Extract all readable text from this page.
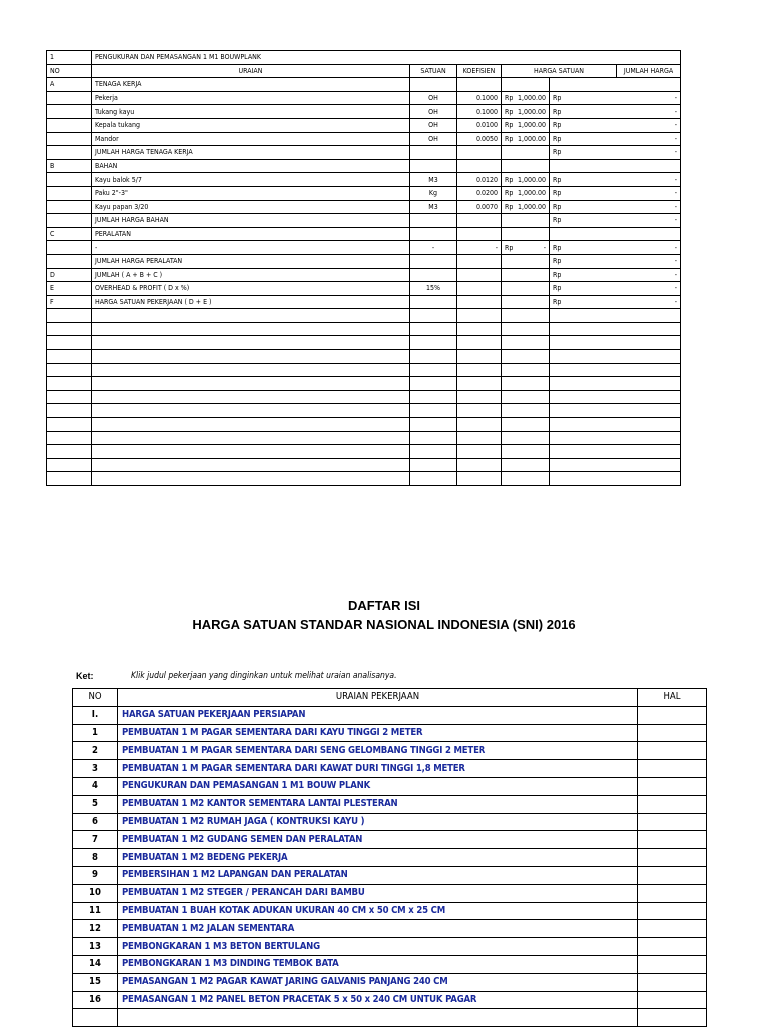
1	PENGUKURAN DAN PEMASANGAN 1 M1 BOUWPLANK					
NO	URAIAN	SATUAN	KOEFISIEN	HARGA SATUAN		JUMLAH HARGA
A	TENAGA KERJA					
	Pekerja	OH	0.1000	Rp 1,000.00	Rp -	

	Tukang kayu	OH	0.1000	Rp 1,000.00	Rp -	

	Kepala tukang	OH	0.0100	Rp 1,000.00	Rp -	

	Mandor	OH	0.0050	Rp 1,000.00	Rp -	

	JUMLAH HARGA TENAGA KERJA				Rp -	

B	BAHAN					
	Kayu balok 5/7	M3	0.0120	Rp 1,000.00	Rp -	

	Paku 2"-3"	Kg	0.0200	Rp 1,000.00	Rp -	

	Kayu papan 3/20	M3	0.0070	Rp 1,000.00	Rp -	

	JUMLAH HARGA BAHAN				Rp -	

C	PERALATAN					
	-	-	-	Rp -	Rp -	

	JUMLAH HARGA PERALATAN				Rp -	

D	JUMLAH ( A + B + C )				Rp -	

E	OVERHEAD & PROFIT ( D x %)	15%			Rp -	

F	HARGA SATUAN PEKERJAAN ( D + E )				Rp -	

DAFTAR ISI
HARGA SATUAN STANDAR NASIONAL INDONESIA (SNI) 2016
Ket:	Klik judul pekerjaan yang dinginkan untuk melihat uraian analisanya.
NO	URAIAN PEKERJAAN	HAL
I.	HARGA SATUAN PEKERJAAN PERSIAPAN	
1	PEMBUATAN 1 M PAGAR SEMENTARA DARI KAYU TINGGI 2 METER	
2	PEMBUATAN 1 M PAGAR SEMENTARA DARI SENG GELOMBANG TINGGI 2 METER	
3	PEMBUATAN 1 M PAGAR SEMENTARA DARI KAWAT DURI TINGGI 1,8 METER	
4	PENGUKURAN DAN PEMASANGAN 1 M1 BOUW PLANK	
5	PEMBUATAN 1 M2 KANTOR SEMENTARA LANTAI PLESTERAN	
6	PEMBUATAN 1 M2 RUMAH JAGA ( KONTRUKSI KAYU )	
7	PEMBUATAN 1 M2 GUDANG SEMEN DAN PERALATAN	
8	PEMBUATAN 1 M2 BEDENG PEKERJA	
9	PEMBERSIHAN 1 M2 LAPANGAN DAN PERALATAN	
10	PEMBUATAN 1 M2 STEGER / PERANCAH DARI BAMBU	
11	PEMBUATAN 1 BUAH KOTAK ADUKAN UKURAN 40 CM x 50 CM x 25 CM	
12	PEMBUATAN 1 M2 JALAN SEMENTARA	
13	PEMBONGKARAN 1 M3 BETON BERTULANG	
14	PEMBONGKARAN 1 M3 DINDING TEMBOK BATA	
15	PEMASANGAN 1 M2 PAGAR KAWAT JARING GALVANIS PANJANG 240 CM	
16	PEMASANGAN 1 M2 PANEL BETON PRACETAK 5 x 50 x 240 CM UNTUK PAGAR	
